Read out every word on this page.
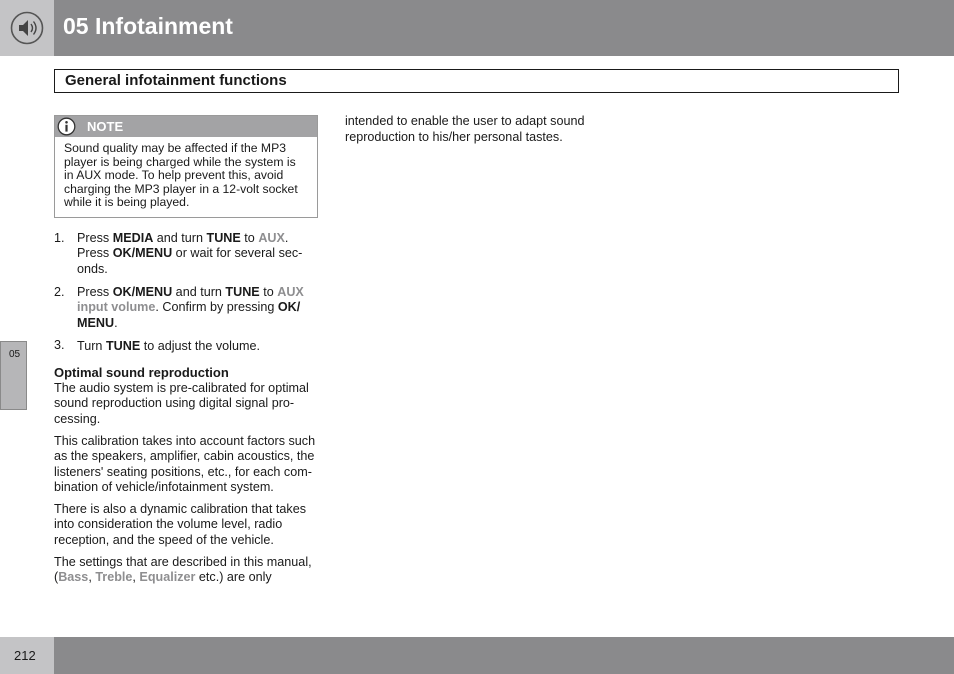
05 Infotainment
General infotainment functions
NOTE
Sound quality may be affected if the MP3
player is being charged while the system is
in AUX mode. To help prevent this, avoid
charging the MP3 player in a 12-volt socket
while it is being played.
1. Press MEDIA and turn TUNE to AUX.
Press OK/MENU or wait for several sec-
onds.
2. Press OK/MENU and turn TUNE to AUX
input volume. Confirm by pressing OK/
MENU.
3. Turn TUNE to adjust the volume.
Optimal sound reproduction
The audio system is pre-calibrated for optimal
sound reproduction using digital signal pro-
cessing.
This calibration takes into account factors such
as the speakers, amplifier, cabin acoustics, the
listeners' seating positions, etc., for each com-
bination of vehicle/infotainment system.
There is also a dynamic calibration that takes
into consideration the volume level, radio
reception, and the speed of the vehicle.
The settings that are described in this manual,
(Bass, Treble, Equalizer etc.) are only
intended to enable the user to adapt sound
reproduction to his/her personal tastes.
05
212
